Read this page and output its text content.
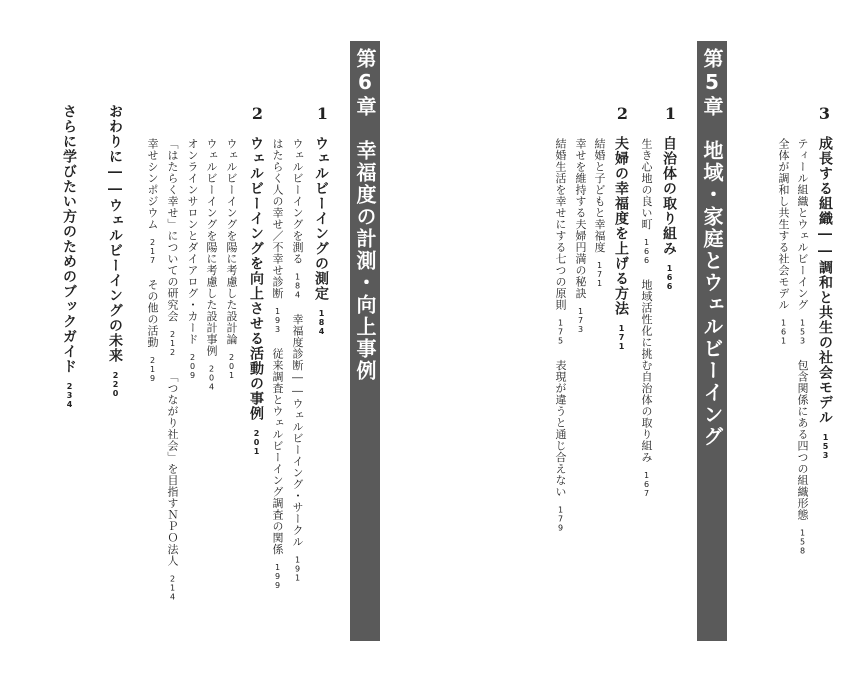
3
成長する組織――調和と共生の社会モデル153
ティール組織とウェルビーイング153包含関係にある四つの組織形態158
全体が調和し共生する社会モデル161
第5章　地域・家庭とウェルビーイング
1
自治体の取り組み166
生き心地の良い町166地域活性化に挑む自治体の取り組み167
2
夫婦の幸福度を上げる方法171
結婚と子どもと幸福度171
幸せを維持する夫婦円満の秘訣173
結婚生活を幸せにする七つの原則175表現が違うと通じ合えない179
第6章　幸福度の計測・向上事例
1
ウェルビーイングの測定184
ウェルビーイングを測る184幸福度診断――ウェルビーイング・サークル191
はたらく人の幸せ／不幸せ診断193従来調査とウェルビーイング調査の関係199
2
ウェルビーイングを向上させる活動の事例201
ウェルビーイングを陽に考慮した設計論201
ウェルビーイングを陽に考慮した設計事例204
オンラインサロンとダイアログ・カード209
「はたらく幸せ」についての研究会212「つながり社会」を目指すＮＰＯ法人214
幸せシンポジウム217その他の活動219
おわりに――ウェルビーイングの未来220
さらに学びたい方のためのブックガイド234
